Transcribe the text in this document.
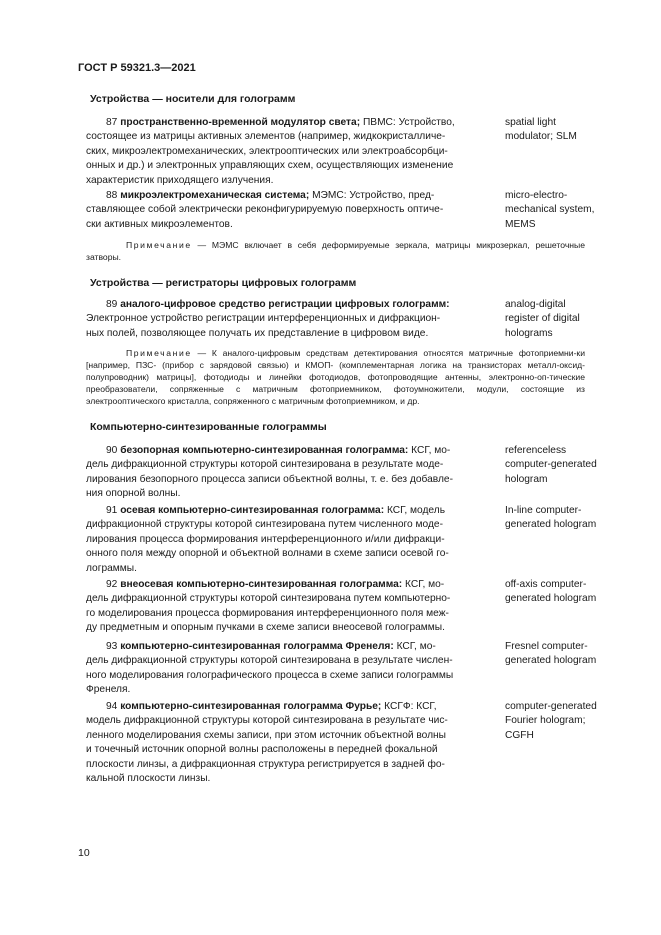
ГОСТ Р 59321.3—2021
Устройства — носители для голограмм

87 пространственно-временной модулятор света; ПВМС: Устройство,

состоящее из матрицы активных элементов (например, жидкокристалличе-

ских, микроэлектромеханических, электрооптических или электроабсорбци-

онных и др.) и электронных управляющих схем, осуществляющих изменение

характеристик приходящего излучения.

spatial light
modulator; SLM

88 микроэлектромеханическая система; МЭМС: Устройство, пред-

ставляющее собой электрически реконфигурируемую поверхность оптиче-

ски активных микроэлементов.

micro-electro-
mechanical system,
MEMS
Примечание — МЭМС включает в себя деформируемые зеркала, матрицы микрозеркал, решеточные затворы.
Устройства — регистраторы цифровых голограмм

89 аналого-цифровое средство регистрации цифровых голограмм:

Электронное устройство регистрации интерференционных и дифракцион-

ных полей, позволяющее получать их представление в цифровом виде.

analog-digital
register of digital
holograms
Примечание — К аналого-цифровым средствам детектирования относятся матричные фотоприемни-ки [например, ПЗС- (прибор с зарядовой связью) и КМОП- (комплементарная логика на транзисторах металл-оксид-полупроводник) матрицы], фотодиоды и линейки фотодиодов, фотопроводящие антенны, электронно-оп-тические преобразователи, сопряженные с матричным фотоприемником, фотоумножители, модули, состоящие из электрооптического кристалла, сопряженного с матричным фотоприемником, и др.
Компьютерно-синтезированные голограммы

90 безопорная компьютерно-синтезированная голограмма: КСГ, мо-

дель дифракционной структуры которой синтезирована в результате моде-

лирования безопорного процесса записи объектной волны, т. е. без добавле-

ния опорной волны.

referenceless
computer-generated
hologram

91 осевая компьютерно-синтезированная голограмма: КСГ, модель

дифракционной структуры которой синтезирована путем численного моде-

лирования процесса формирования интерференционного и/или дифракци-

онного поля между опорной и объектной волнами в схеме записи осевой го-

лограммы.

In-line computer-
generated hologram

92 внеосевая компьютерно-синтезированная голограмма: КСГ, мо-

дель дифракционной структуры которой синтезирована путем компьютерно-

го моделирования процесса формирования интерференционного поля меж-

ду предметным и опорным пучками в схеме записи внеосевой голограммы.

off-axis computer-
generated hologram

93 компьютерно-синтезированная голограмма Френеля: КСГ, мо-

дель дифракционной структуры которой синтезирована в результате числен-

ного моделирования голографического процесса в схеме записи голограммы

Френеля.

Fresnel computer-
generated hologram

94 компьютерно-синтезированная голограмма Фурье; КСГФ: КСГ,

модель дифракционной структуры которой синтезирована в результате чис-

ленного моделирования схемы записи, при этом источник объектной волны

и точечный источник опорной волны расположены в передней фокальной

плоскости линзы, а дифракционная структура регистрируется в задней фо-

кальной плоскости линзы.

computer-generated
Fourier hologram;
CGFH
10
